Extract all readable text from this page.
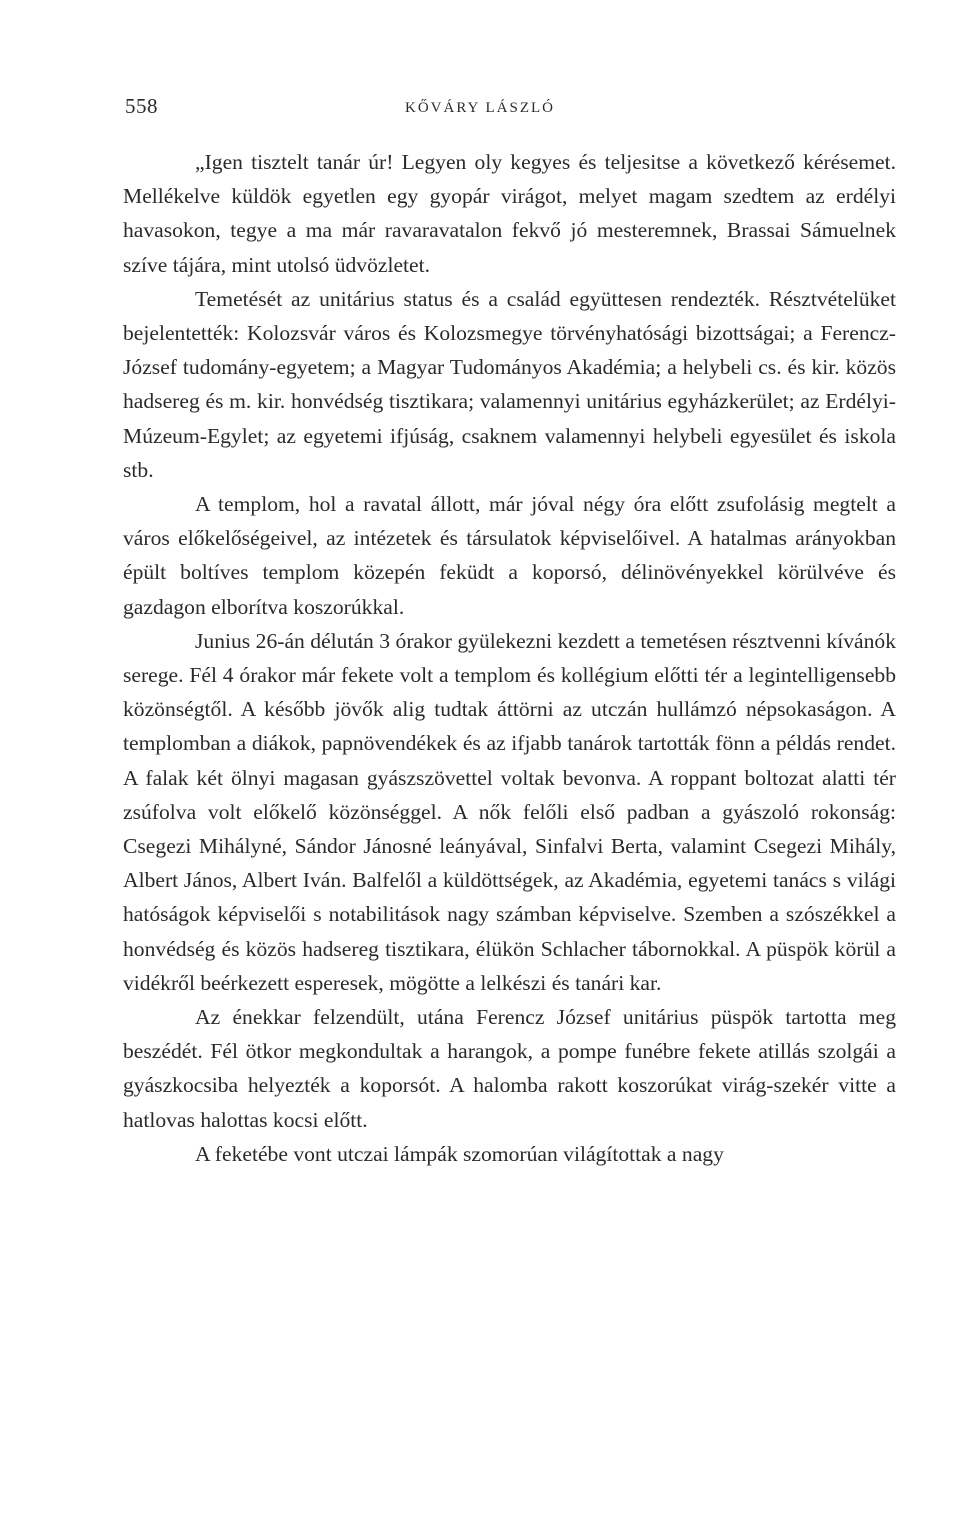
558	KŐVÁRY LÁSZLÓ

„Igen tisztelt tanár úr! Legyen oly kegyes és teljesitse a következő kérésemet. Mellékelve küldök egyetlen egy gyopár virágot, melyet magam szedtem az erdélyi havasokon, tegye a ma már ravaravatalon fekvő jó mesteremnek, Brassai Sámuelnek szíve tájára, mint utolsó üdvözletet.

Temetését az unitárius status és a család együttesen rendezték. Résztvételüket bejelentették: Kolozsvár város és Kolozsmegye törvényhatósági bizottságai; a Ferencz-József tudomány-egyetem; a Magyar Tudományos Akadémia; a helybeli cs. és kir. közös hadsereg és m. kir. honvédség tisztikara; valamennyi unitárius egyházkerület; az Erdélyi-Múzeum-Egylet; az egyetemi ifjúság, csaknem valamennyi helybeli egyesület és iskola stb.

A templom, hol a ravatal állott, már jóval négy óra előtt zsufolásig megtelt a város előkelőségeivel, az intézetek és társulatok képviselőivel. A hatalmas arányokban épült boltíves templom közepén feküdt a koporsó, délinövényekkel körülvéve és gazdagon elborítva koszorúkkal.

Junius 26-án délután 3 órakor gyülekezni kezdett a temetésen résztvenni kívánók serege. Fél 4 órakor már fekete volt a templom és kollégium előtti tér a legintelligensebb közönségtől. A később jövők alig tudtak áttörni az utczán hullámzó népsokaságon. A templomban a diákok, papnövendékek és az ifjabb tanárok tartották fönn a példás rendet. A falak két ölnyi magasan gyászszövettel voltak bevonva. A roppant boltozat alatti tér zsúfolva volt előkelő közönséggel. A nők felőli első padban a gyászoló rokonság: Csegezi Mihályné, Sándor Jánosné leányával, Sinfalvi Berta, valamint Csegezi Mihály, Albert János, Albert Iván. Balfelől a küldöttségek, az Akadémia, egyetemi tanács s világi hatóságok képviselői s notabilitások nagy számban képviselve. Szemben a szószékkel a honvédség és közös hadsereg tisztikara, élükön Schlacher tábornokkal. A püspök körül a vidékről beérkezett esperesek, mögötte a lelkészi és tanári kar.

Az énekkar felzendült, utána Ferencz József unitárius püspök tartotta meg beszédét. Fél ötkor megkondultak a harangok, a pompe funébre fekete atillás szolgái a gyászkocsiba helyezték a koporsót. A halomba rakott koszorúkat virág-szekér vitte a hatlovas halottas kocsi előtt.

A feketébe vont utczai lámpák szomorúan világítottak a nagy
